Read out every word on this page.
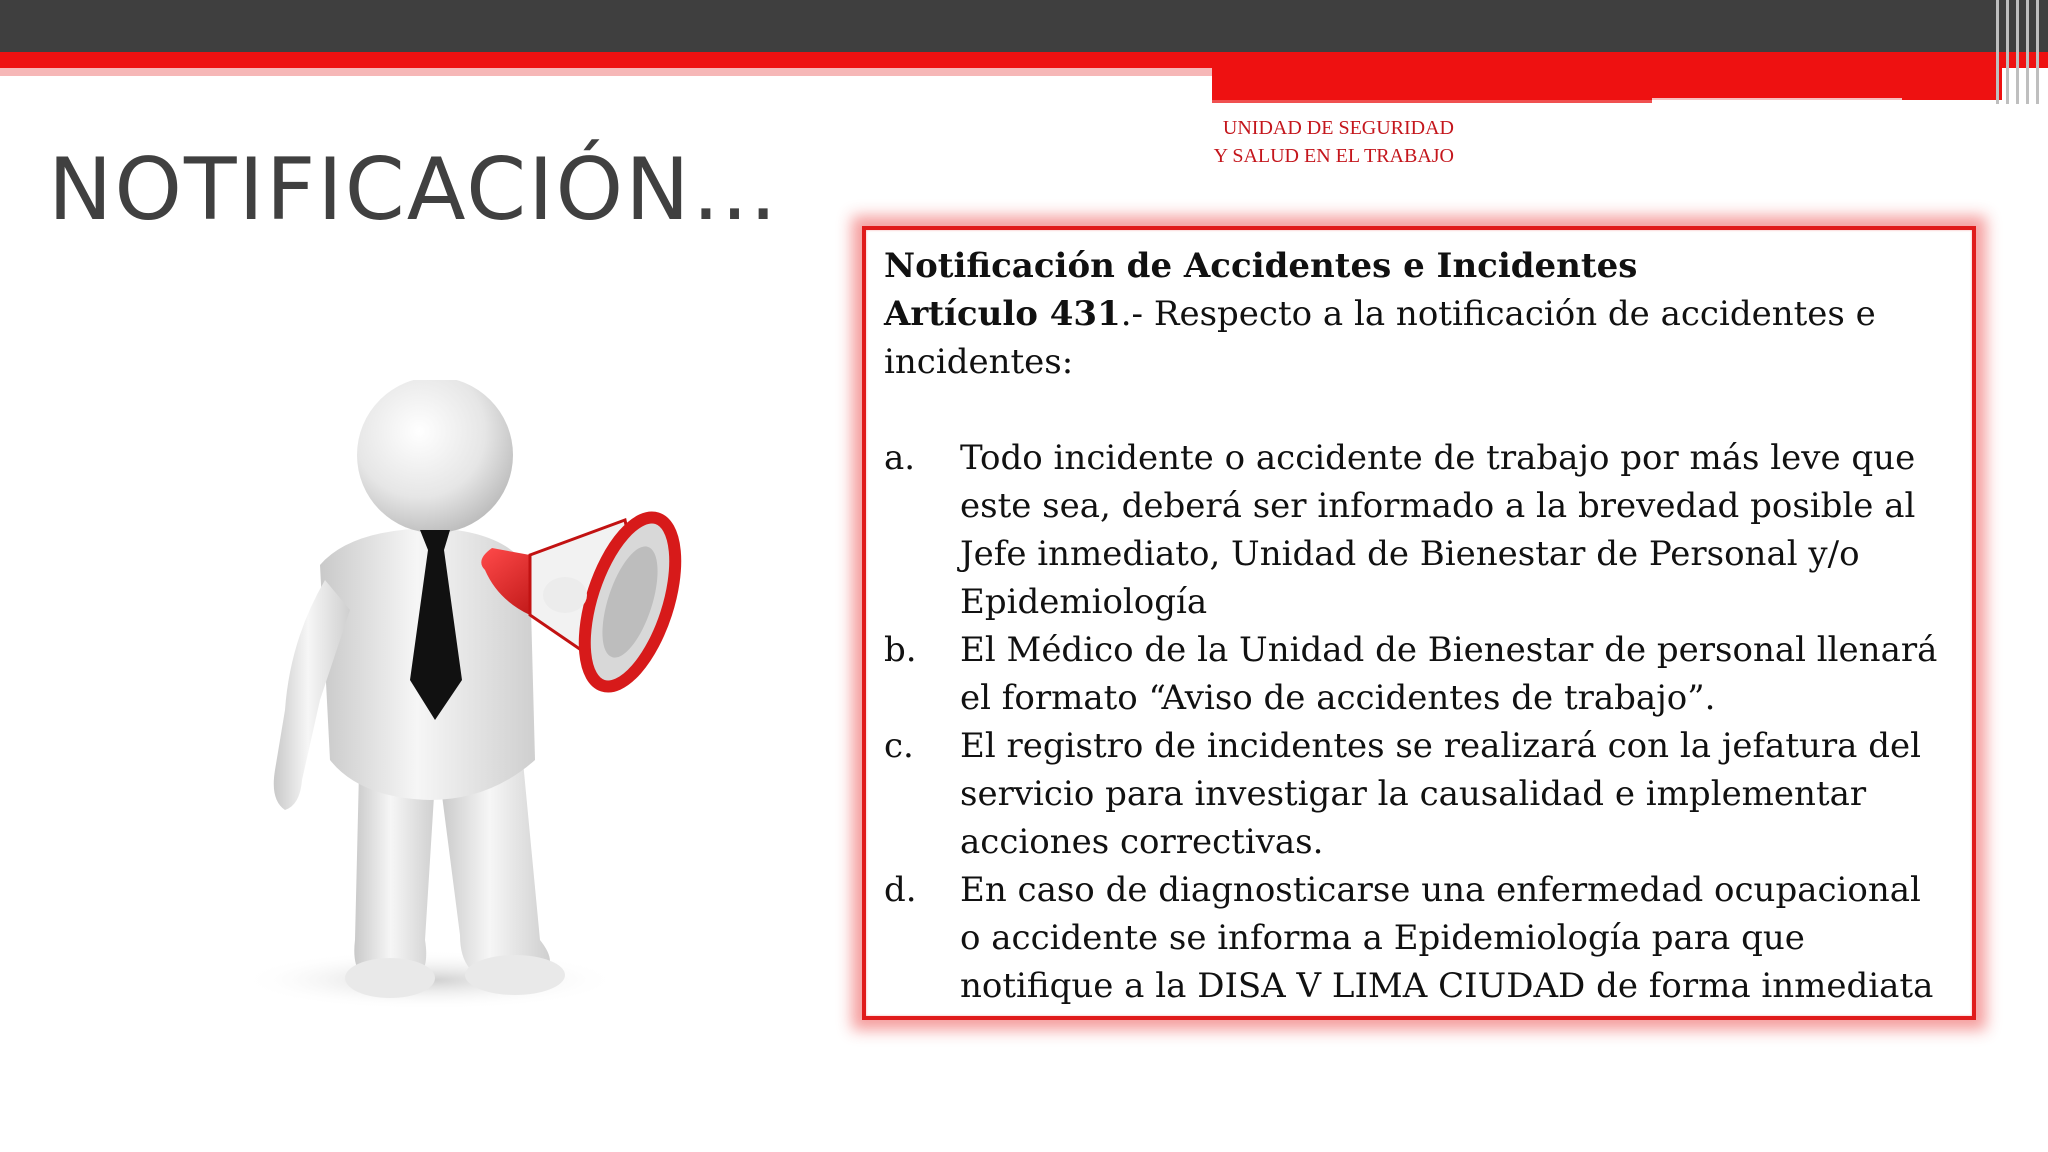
UNIDAD DE SEGURIDAD
Y SALUD EN EL TRABAJO
NOTIFICACIÓN…
Notificación de Accidentes e Incidentes
Artículo 431.- Respecto a la notificación de accidentes e incidentes:
a.	Todo incidente o accidente de trabajo por más leve que este sea, deberá ser informado a la brevedad posible al Jefe inmediato, Unidad de Bienestar de Personal y/o Epidemiología
b.	El Médico de la Unidad de Bienestar de personal llenará el formato “Aviso de accidentes de trabajo”.
c.	El registro de incidentes se realizará con la jefatura del servicio para investigar la causalidad e implementar acciones correctivas.
d.	En caso de diagnosticarse una enfermedad ocupacional o accidente se informa a Epidemiología para que notifique a la DISA V LIMA CIUDAD de forma inmediata
